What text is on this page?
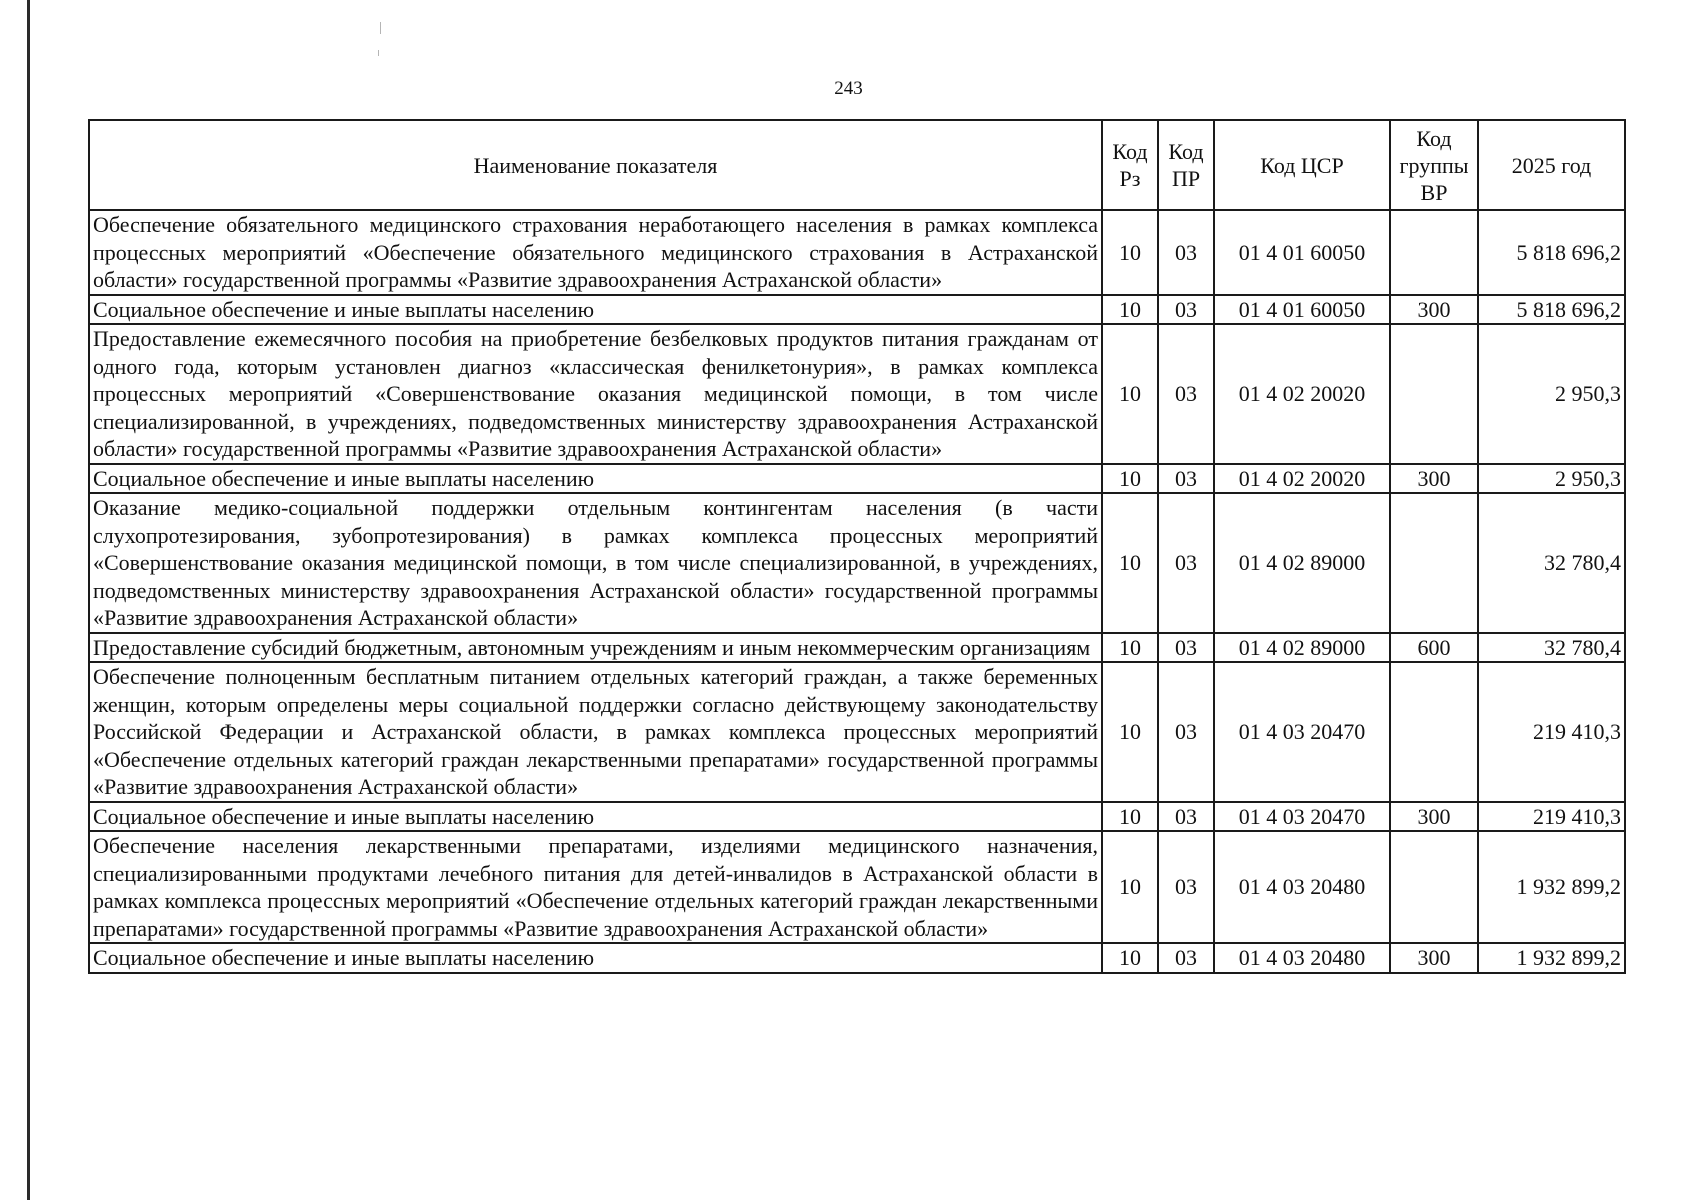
243
Наименование показателя	Код Рз	Код ПР	Код ЦСР	Код группы ВР	2025 год
Обеспечение обязательного медицинского страхования неработающего населения в рамках комплекса процессных мероприятий «Обеспечение обязательного медицинского страхования в Астраханской области» государственной программы «Развитие здравоохранения Астраханской области»	10	03	01 4 01 60050		5 818 696,2
Социальное обеспечение и иные выплаты населению	10	03	01 4 01 60050	300	5 818 696,2
Предоставление ежемесячного пособия на приобретение безбелковых продуктов питания гражданам от одного года, которым установлен диагноз «классическая фенилкетонурия», в рамках комплекса процессных мероприятий «Совершенствование оказания медицинской помощи, в том числе специализированной, в учреждениях, подведомственных министерству здравоохранения Астраханской области» государственной программы «Развитие здравоохранения Астраханской области»	10	03	01 4 02 20020		2 950,3
Социальное обеспечение и иные выплаты населению	10	03	01 4 02 20020	300	2 950,3
Оказание медико-социальной поддержки отдельным контингентам населения (в части слухопротезирования, зубопротезирования) в рамках комплекса процессных мероприятий «Совершенствование оказания медицинской помощи, в том числе специализированной, в учреждениях, подведомственных министерству здравоохранения Астраханской области» государственной программы «Развитие здравоохранения Астраханской области»	10	03	01 4 02 89000		32 780,4
Предоставление субсидий бюджетным, автономным учреждениям и иным некоммерческим организациям	10	03	01 4 02 89000	600	32 780,4
Обеспечение полноценным бесплатным питанием отдельных категорий граждан, а также беременных женщин, которым определены меры социальной поддержки согласно действующему законодательству Российской Федерации и Астраханской области, в рамках комплекса процессных мероприятий «Обеспечение отдельных категорий граждан лекарственными препаратами» государственной программы «Развитие здравоохранения Астраханской области»	10	03	01 4 03 20470		219 410,3
Социальное обеспечение и иные выплаты населению	10	03	01 4 03 20470	300	219 410,3
Обеспечение населения лекарственными препаратами, изделиями медицинского назначения, специализированными продуктами лечебного питания для детей-инвалидов в Астраханской области в рамках комплекса процессных мероприятий «Обеспечение отдельных категорий граждан лекарственными препаратами» государственной программы «Развитие здравоохранения Астраханской области»	10	03	01 4 03 20480		1 932 899,2
Социальное обеспечение и иные выплаты населению	10	03	01 4 03 20480	300	1 932 899,2
